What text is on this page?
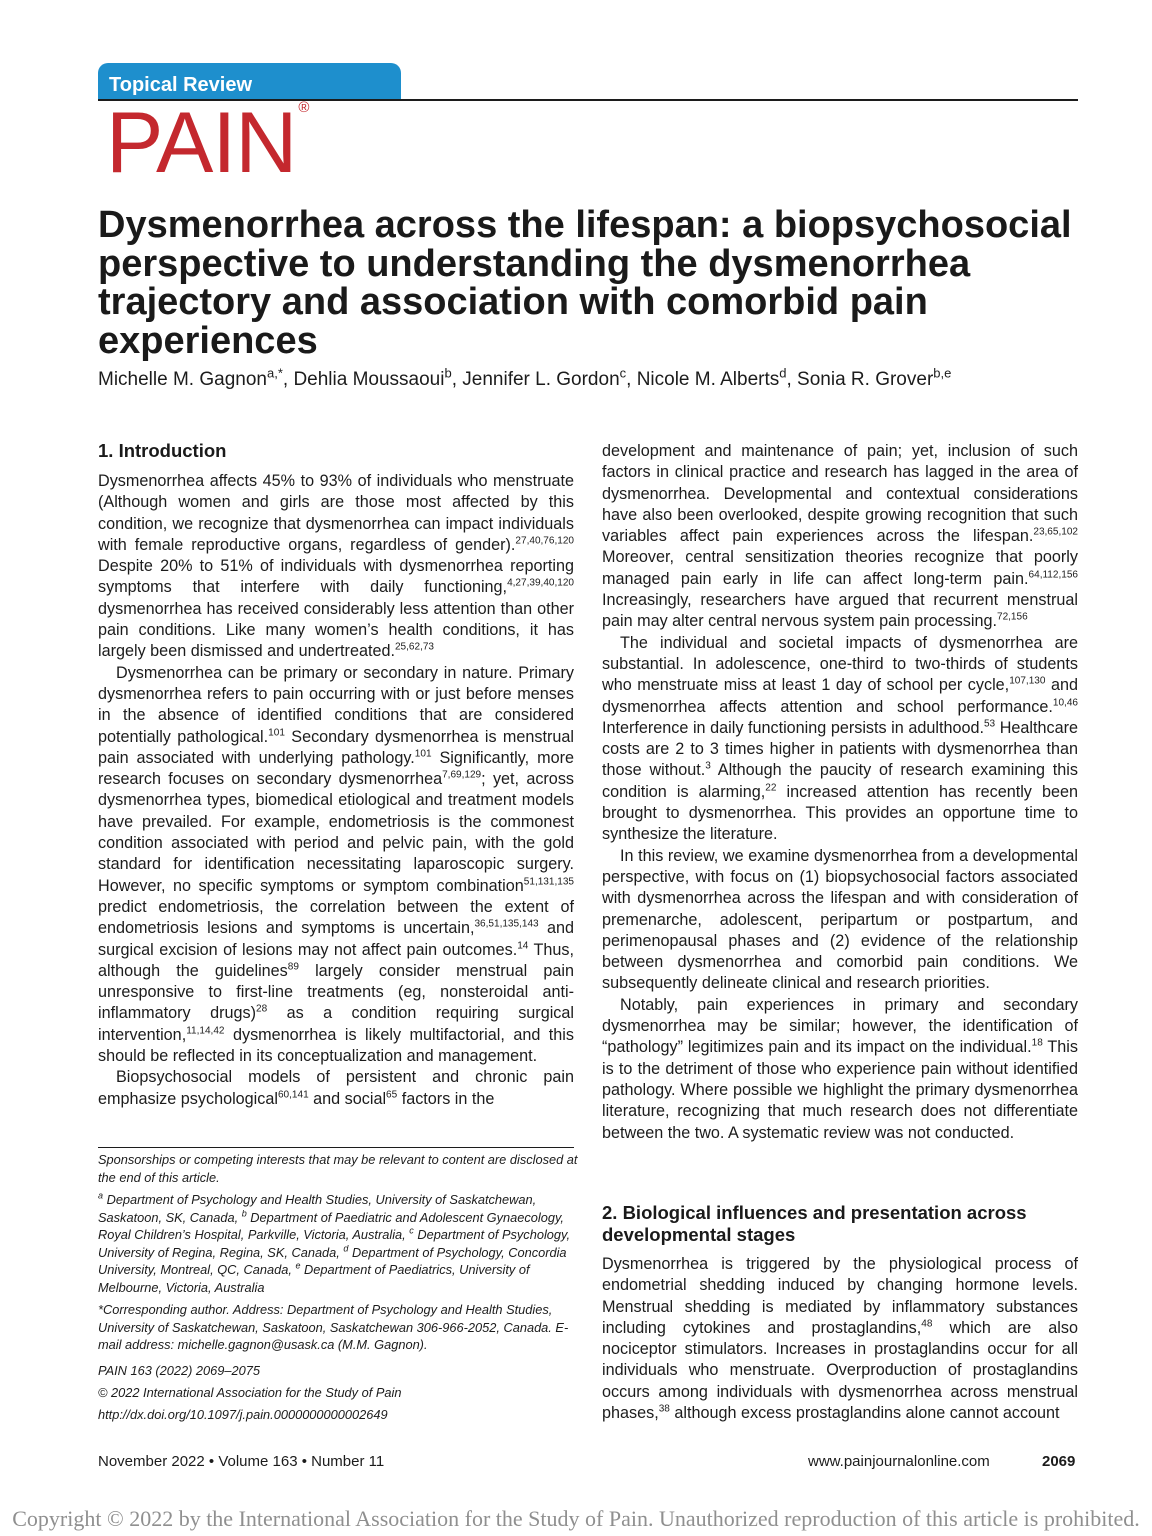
Topical Review
PAIN ®
Dysmenorrhea across the lifespan: a biopsychosocial perspective to understanding the dysmenorrhea trajectory and association with comorbid pain experiences
Michelle M. Gagnon$^{a,*}$, Dehlia Moussaoui$^b$, Jennifer L. Gordon$^c$, Nicole M. Alberts$^d$, Sonia R. Grover$^{b,e}$
1. Introduction

Dysmenorrhea affects 45% to 93% of individuals who menstruate (Although women and girls are those most affected by this condition, we recognize that dysmenorrhea can impact individuals with female reproductive organs, regardless of gender).$^{27,40,76,120}$ Despite 20% to 51% of individuals with dysmenorrhea reporting symptoms that interfere with daily functioning,$^{4,27,39,40,120}$ dysmenorrhea has received considerably less attention than other pain conditions. Like many women’s health conditions, it has largely been dismissed and undertreated.$^{25,62,73}$

Dysmenorrhea can be primary or secondary in nature. Primary dysmenorrhea refers to pain occurring with or just before menses in the absence of identified conditions that are considered potentially pathological.$^{101}$ Secondary dysmenorrhea is menstrual pain associated with underlying pathology.$^{101}$ Significantly, more research focuses on secondary dysmenorrhea$^{7,69,129}$; yet, across dysmenorrhea types, biomedical etiological and treatment models have prevailed. For example, endometriosis is the commonest condition associated with period and pelvic pain, with the gold standard for identification necessitating laparoscopic surgery. However, no specific symptoms or symptom combination$^{51,131,135}$ predict endometriosis, the correlation between the extent of endometriosis lesions and symptoms is uncertain,$^{36,51,135,143}$ and surgical excision of lesions may not affect pain outcomes.$^{14}$ Thus, although the guidelines$^{89}$ largely consider menstrual pain unresponsive to first-line treatments (eg, nonsteroidal anti-inflammatory drugs)$^{28}$ as a condition requiring surgical intervention,$^{11,14,42}$ dysmenorrhea is likely multifactorial, and this should be reflected in its conceptualization and management.

Biopsychosocial models of persistent and chronic pain emphasize psychological$^{60,141}$ and social$^{65}$ factors in the

Sponsorships or competing interests that may be relevant to content are disclosed at the end of this article.
$^a$ Department of Psychology and Health Studies, University of Saskatchewan, Saskatoon, SK, Canada, $^b$ Department of Paediatric and Adolescent Gynaecology, Royal Children’s Hospital, Parkville, Victoria, Australia, $^c$ Department of Psychology, University of Regina, Regina, SK, Canada, $^d$ Department of Psychology, Concordia University, Montreal, QC, Canada, $^e$ Department of Paediatrics, University of Melbourne, Victoria, Australia
*Corresponding author. Address: Department of Psychology and Health Studies, University of Saskatchewan, Saskatoon, Saskatchewan 306-966-2052, Canada. E-mail address: michelle.gagnon@usask.ca (M.M. Gagnon).
PAIN 163 (2022) 2069–2075
© 2022 International Association for the Study of Pain
http://dx.doi.org/10.1097/j.pain.0000000000002649

development and maintenance of pain; yet, inclusion of such factors in clinical practice and research has lagged in the area of dysmenorrhea. Developmental and contextual considerations have also been overlooked, despite growing recognition that such variables affect pain experiences across the lifespan.$^{23,65,102}$ Moreover, central sensitization theories recognize that poorly managed pain early in life can affect long-term pain.$^{64,112,156}$ Increasingly, researchers have argued that recurrent menstrual pain may alter central nervous system pain processing.$^{72,156}$

The individual and societal impacts of dysmenorrhea are substantial. In adolescence, one-third to two-thirds of students who menstruate miss at least 1 day of school per cycle,$^{107,130}$ and dysmenorrhea affects attention and school performance.$^{10,46}$ Interference in daily functioning persists in adulthood.$^{53}$ Healthcare costs are 2 to 3 times higher in patients with dysmenorrhea than those without.$^3$ Although the paucity of research examining this condition is alarming,$^{22}$ increased attention has recently been brought to dysmenorrhea. This provides an opportune time to synthesize the literature.

In this review, we examine dysmenorrhea from a developmental perspective, with focus on (1) biopsychosocial factors associated with dysmenorrhea across the lifespan and with consideration of premenarche, adolescent, peripartum or postpartum, and perimenopausal phases and (2) evidence of the relationship between dysmenorrhea and comorbid pain conditions. We subsequently delineate clinical and research priorities.

Notably, pain experiences in primary and secondary dysmenorrhea may be similar; however, the identification of “pathology” legitimizes pain and its impact on the individual.$^{18}$ This is to the detriment of those who experience pain without identified pathology. Where possible we highlight the primary dysmenorrhea literature, recognizing that much research does not differentiate between the two. A systematic review was not conducted.

2. Biological influences and presentation across developmental stages

Dysmenorrhea is triggered by the physiological process of endometrial shedding induced by changing hormone levels. Menstrual shedding is mediated by inflammatory substances including cytokines and prostaglandins,$^{48}$ which are also nociceptor stimulators. Increases in prostaglandins occur for all individuals who menstruate. Overproduction of prostaglandins occurs among individuals with dysmenorrhea across menstrual phases,$^{38}$ although excess prostaglandins alone cannot account

November 2022 • Volume 163 • Number 11	www.painjournalonline.com	2069
Copyright © 2022 by the International Association for the Study of Pain. Unauthorized reproduction of this article is prohibited.
